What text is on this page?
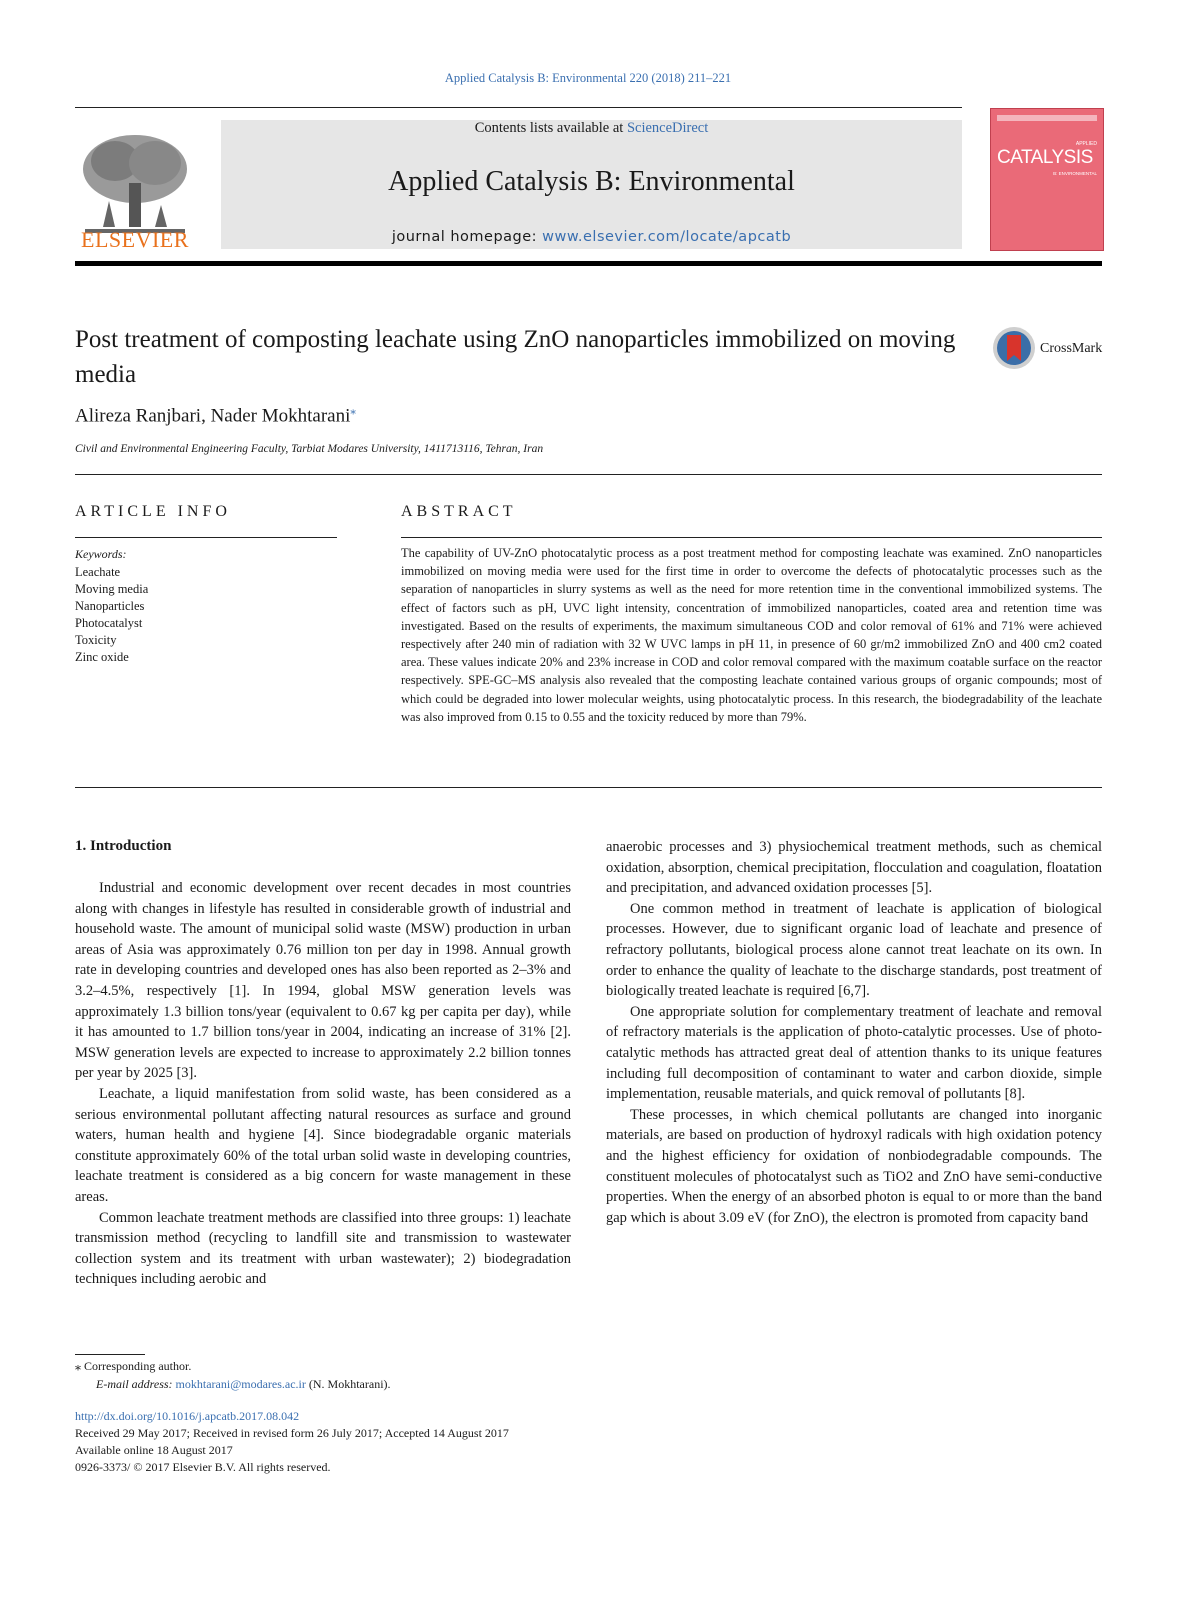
Applied Catalysis B: Environmental 220 (2018) 211–221
ELSEVIER
Contents lists available at ScienceDirect
Applied Catalysis B: Environmental
journal homepage: www.elsevier.com/locate/apcatb
APPLIED
CATALYSIS
B: ENVIRONMENTAL
Post treatment of composting leachate using ZnO nanoparticles immobilized on moving media
CrossMark
Alireza Ranjbari, Nader Mokhtarani⁎
Civil and Environmental Engineering Faculty, Tarbiat Modares University, 1411713116, Tehran, Iran
ARTICLE INFO
Keywords:
Leachate
Moving media
Nanoparticles
Photocatalyst
Toxicity
Zinc oxide
ABSTRACT

The capability of UV-ZnO photocatalytic process as a post treatment method for composting leachate was examined. ZnO nanoparticles immobilized on moving media were used for the first time in order to overcome the defects of photocatalytic processes such as the separation of nanoparticles in slurry systems as well as the need for more retention time in the conventional immobilized systems. The effect of factors such as pH, UVC light intensity, concentration of immobilized nanoparticles, coated area and retention time was investigated. Based on the results of experiments, the maximum simultaneous COD and color removal of 61% and 71% were achieved respectively after 240 min of radiation with 32 W UVC lamps in pH 11, in presence of 60 gr/m2 immobilized ZnO and 400 cm2 coated area. These values indicate 20% and 23% increase in COD and color removal compared with the maximum coatable surface on the reactor respectively. SPE-GC–MS analysis also revealed that the composting leachate contained various groups of organic compounds; most of which could be degraded into lower molecular weights, using photocatalytic process. In this research, the biodegradability of the leachate was also improved from 0.15 to 0.55 and the toxicity reduced by more than 79%.

1. Introduction

Industrial and economic development over recent decades in most countries along with changes in lifestyle has resulted in considerable growth of industrial and household waste. The amount of municipal solid waste (MSW) production in urban areas of Asia was approximately 0.76 million ton per day in 1998. Annual growth rate in developing countries and developed ones has also been reported as 2–3% and 3.2–4.5%, respectively [1]. In 1994, global MSW generation levels was approximately 1.3 billion tons/year (equivalent to 0.67 kg per capita per day), while it has amounted to 1.7 billion tons/year in 2004, indicating an increase of 31% [2]. MSW generation levels are expected to increase to approximately 2.2 billion tonnes per year by 2025 [3].

Leachate, a liquid manifestation from solid waste, has been considered as a serious environmental pollutant affecting natural resources as surface and ground waters, human health and hygiene [4]. Since biodegradable organic materials constitute approximately 60% of the total urban solid waste in developing countries, leachate treatment is considered as a big concern for waste management in these areas.

Common leachate treatment methods are classified into three groups: 1) leachate transmission method (recycling to landfill site and transmission to wastewater collection system and its treatment with urban wastewater); 2) biodegradation techniques including aerobic and

anaerobic processes and 3) physiochemical treatment methods, such as chemical oxidation, absorption, chemical precipitation, flocculation and coagulation, floatation and precipitation, and advanced oxidation processes [5].

One common method in treatment of leachate is application of biological processes. However, due to significant organic load of leachate and presence of refractory pollutants, biological process alone cannot treat leachate on its own. In order to enhance the quality of leachate to the discharge standards, post treatment of biologically treated leachate is required [6,7].

One appropriate solution for complementary treatment of leachate and removal of refractory materials is the application of photo-catalytic processes. Use of photo-catalytic methods has attracted great deal of attention thanks to its unique features including full decomposition of contaminant to water and carbon dioxide, simple implementation, reusable materials, and quick removal of pollutants [8].

These processes, in which chemical pollutants are changed into inorganic materials, are based on production of hydroxyl radicals with high oxidation potency and the highest efficiency for oxidation of nonbiodegradable compounds. The constituent molecules of photocatalyst such as TiO2 and ZnO have semi-conductive properties. When the energy of an absorbed photon is equal to or more than the band gap which is about 3.09 eV (for ZnO), the electron is promoted from capacity band

⁎ Corresponding author.
E-mail address: mokhtarani@modares.ac.ir (N. Mokhtarani).
http://dx.doi.org/10.1016/j.apcatb.2017.08.042
Received 29 May 2017; Received in revised form 26 July 2017; Accepted 14 August 2017
Available online 18 August 2017
0926-3373/ © 2017 Elsevier B.V. All rights reserved.
